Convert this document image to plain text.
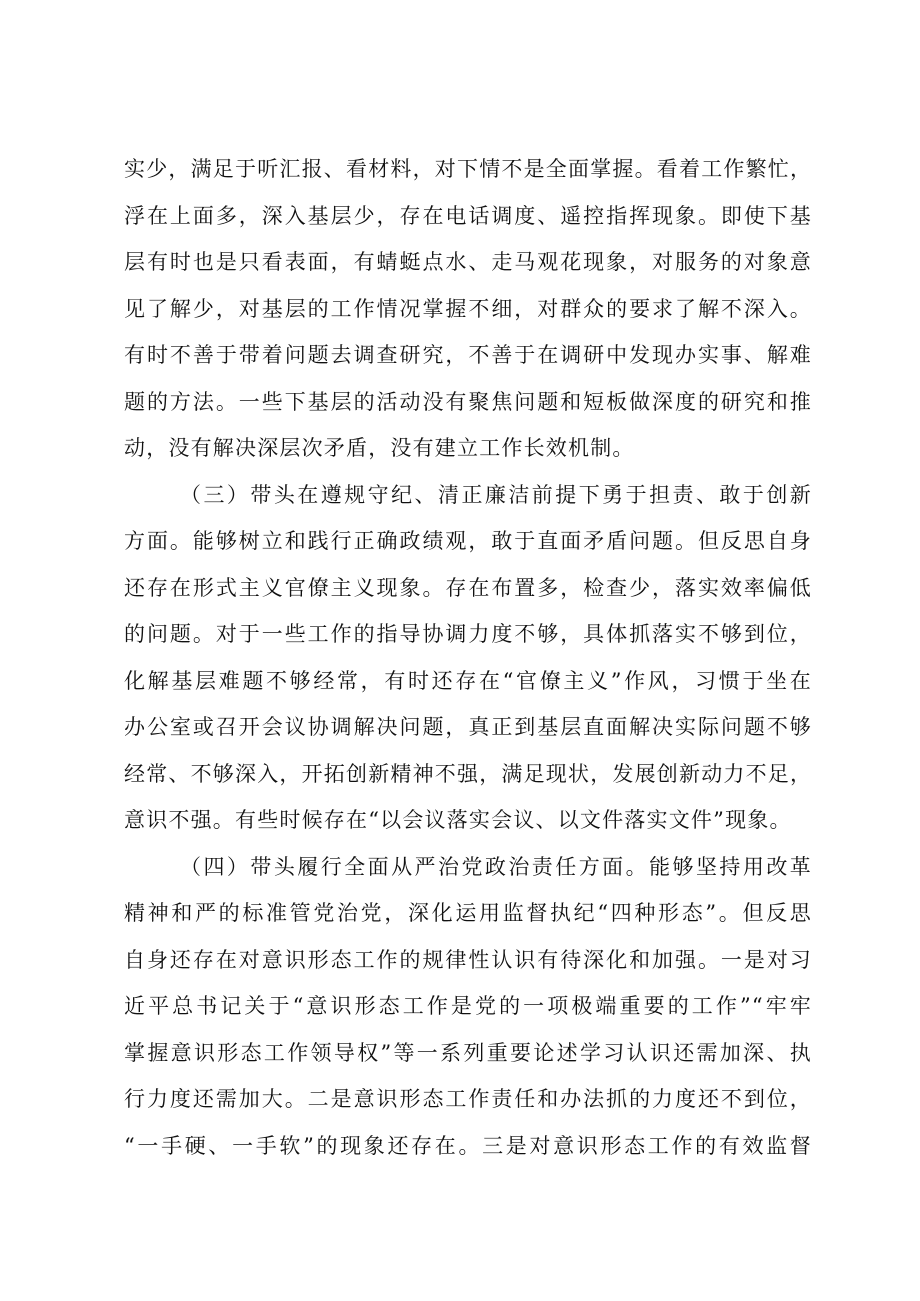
实少，满足于听汇报、看材料，对下情不是全面掌握。看着工作繁忙，
浮在上面多，深入基层少，存在电话调度、遥控指挥现象。即使下基
层有时也是只看表面，有蜻蜓点水、走马观花现象，对服务的对象意
见了解少，对基层的工作情况掌握不细，对群众的要求了解不深入。
有时不善于带着问题去调查研究，不善于在调研中发现办实事、解难
题的方法。一些下基层的活动没有聚焦问题和短板做深度的研究和推
动，没有解决深层次矛盾，没有建立工作长效机制。
（三）带头在遵规守纪、清正廉洁前提下勇于担责、敢于创新
方面。能够树立和践行正确政绩观，敢于直面矛盾问题。但反思自身
还存在形式主义官僚主义现象。存在布置多，检查少，落实效率偏低
的问题。对于一些工作的指导协调力度不够，具体抓落实不够到位，
化解基层难题不够经常，有时还存在“官僚主义”作风，习惯于坐在
办公室或召开会议协调解决问题，真正到基层直面解决实际问题不够
经常、不够深入，开拓创新精神不强，满足现状，发展创新动力不足，
意识不强。有些时候存在“以会议落实会议、以文件落实文件”现象。
（四）带头履行全面从严治党政治责任方面。能够坚持用改革
精神和严的标准管党治党，深化运用监督执纪“四种形态”。但反思
自身还存在对意识形态工作的规律性认识有待深化和加强。一是对习
近平总书记关于“意识形态工作是党的一项极端重要的工作”“牢牢
掌握意识形态工作领导权”等一系列重要论述学习认识还需加深、执
行力度还需加大。二是意识形态工作责任和办法抓的力度还不到位，
“一手硬、一手软”的现象还存在。三是对意识形态工作的有效监督
